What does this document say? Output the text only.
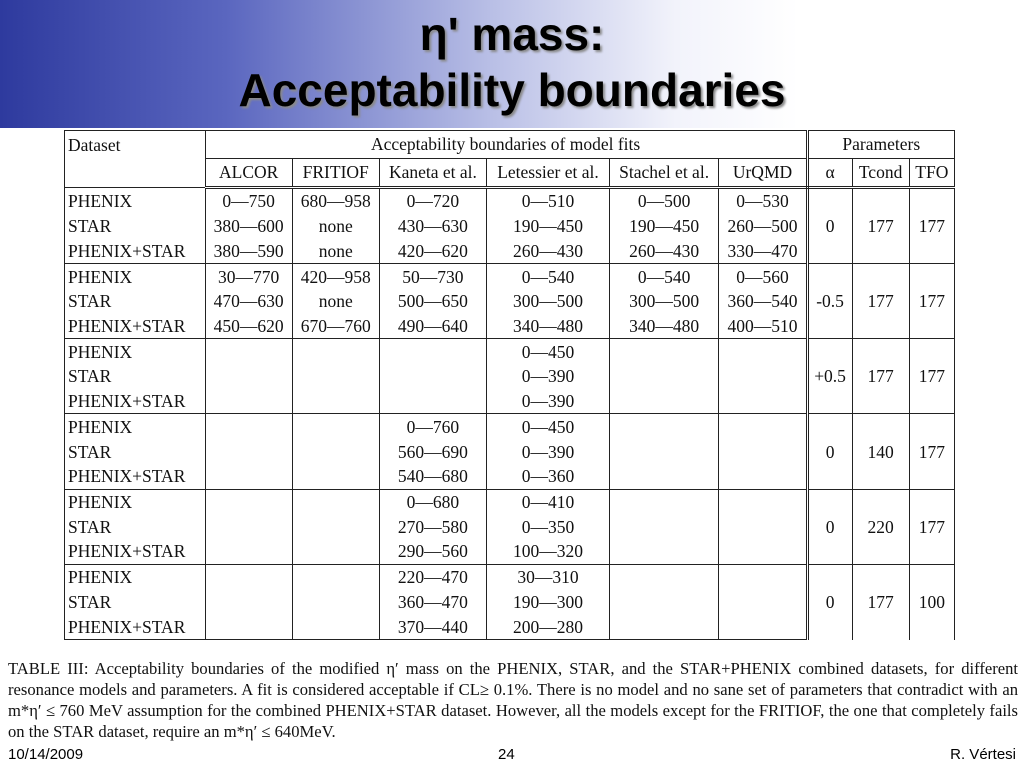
η' mass:
Acceptability boundaries
Dataset	Acceptability boundaries of model fits						Parameters		
	ALCOR	FRITIOF	Kaneta et al.	Letessier et al.	Stachel et al.	UrQMD	α	Tcond	TFO
PHENIX	0—750	680—958	0—720	0—510	0—500	0—530	0	177	177
STAR	380—600	none	430—630	190—450	190—450	260—500			
PHENIX+STAR	380—590	none	420—620	260—430	260—430	330—470			
PHENIX	30—770	420—958	50—730	0—540	0—540	0—560	-0.5	177	177
STAR	470—630	none	500—650	300—500	300—500	360—540			
PHENIX+STAR	450—620	670—760	490—640	340—480	340—480	400—510			
PHENIX				0—450			+0.5	177	177
STAR				0—390					
PHENIX+STAR				0—390					
PHENIX			0—760	0—450			0	140	177
STAR			560—690	0—390					
PHENIX+STAR			540—680	0—360					
PHENIX			0—680	0—410			0	220	177
STAR			270—580	0—350					
PHENIX+STAR			290—560	100—320					
PHENIX			220—470	30—310			0	177	100
STAR			360—470	190—300					
PHENIX+STAR			370—440	200—280					
TABLE III: Acceptability boundaries of the modified η′ mass on the PHENIX, STAR, and the STAR+PHENIX combined datasets, for different resonance models and parameters. A fit is considered acceptable if CL≥ 0.1%. There is no model and no sane set of parameters that contradict with an m*η′ ≤ 760 MeV assumption for the combined PHENIX+STAR dataset. However, all the models except for the FRITIOF, the one that completely fails on the STAR dataset, require an m*η′ ≤ 640MeV.
10/14/2009	24	R. Vértesi
